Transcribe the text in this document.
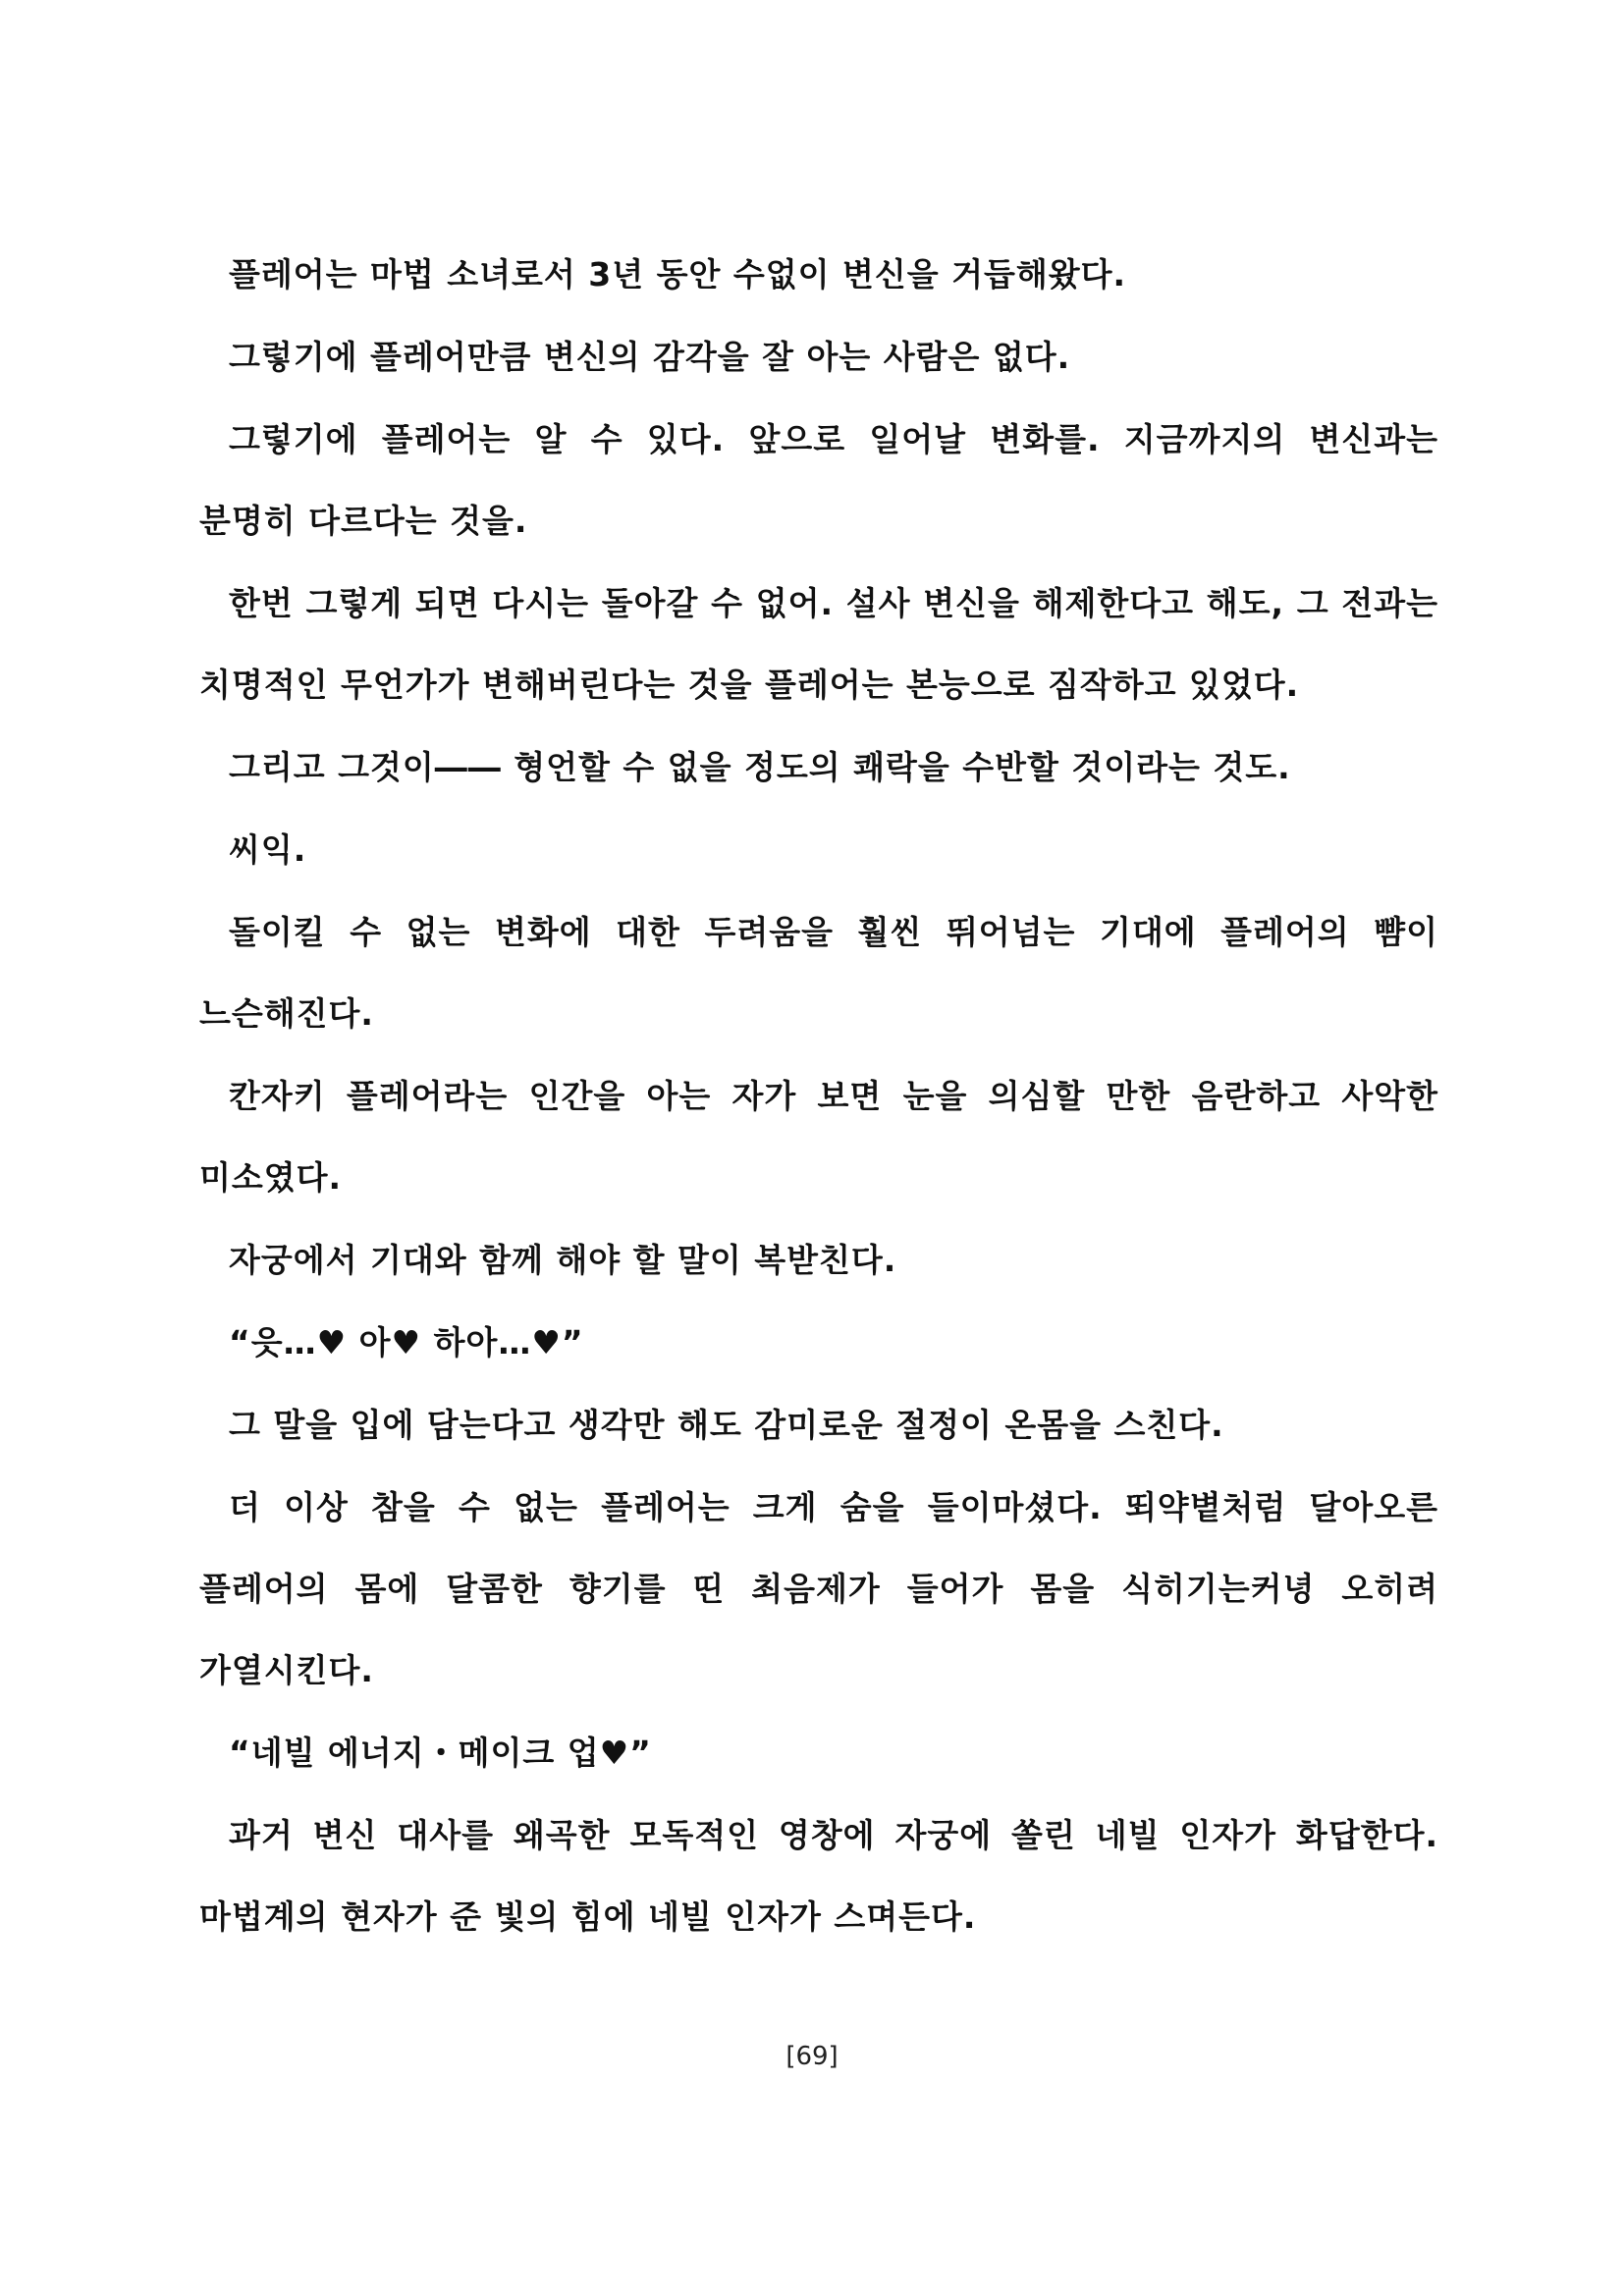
플레어는 마법 소녀로서 3년 동안 수없이 변신을 거듭해왔다.

그렇기에 플레어만큼 변신의 감각을 잘 아는 사람은 없다.

그렇기에 플레어는 알 수 있다. 앞으로 일어날 변화를. 지금까지의 변신과는 분명히 다르다는 것을.

한번 그렇게 되면 다시는 돌아갈 수 없어. 설사 변신을 해제한다고 해도, 그 전과는 치명적인 무언가가 변해버린다는 것을 플레어는 본능으로 짐작하고 있었다.

그리고 그것이―― 형언할 수 없을 정도의 쾌락을 수반할 것이라는 것도.

씨익.

돌이킬 수 없는 변화에 대한 두려움을 훨씬 뛰어넘는 기대에 플레어의 뺨이 느슨해진다.

칸자키 플레어라는 인간을 아는 자가 보면 눈을 의심할 만한 음란하고 사악한 미소였다.

자궁에서 기대와 함께 해야 할 말이 복받친다.

“읏…♥ 아♥ 하아…♥”

그 말을 입에 담는다고 생각만 해도 감미로운 절정이 온몸을 스친다.

더 이상 참을 수 없는 플레어는 크게 숨을 들이마셨다. 뙤약볕처럼 달아오른 플레어의 몸에 달콤한 향기를 띤 최음제가 들어가 몸을 식히기는커녕 오히려 가열시킨다.

“네빌 에너지・메이크 업♥”

과거 변신 대사를 왜곡한 모독적인 영창에 자궁에 쏠린 네빌 인자가 화답한다. 마법계의 현자가 준 빛의 힘에 네빌 인자가 스며든다.

[69]
